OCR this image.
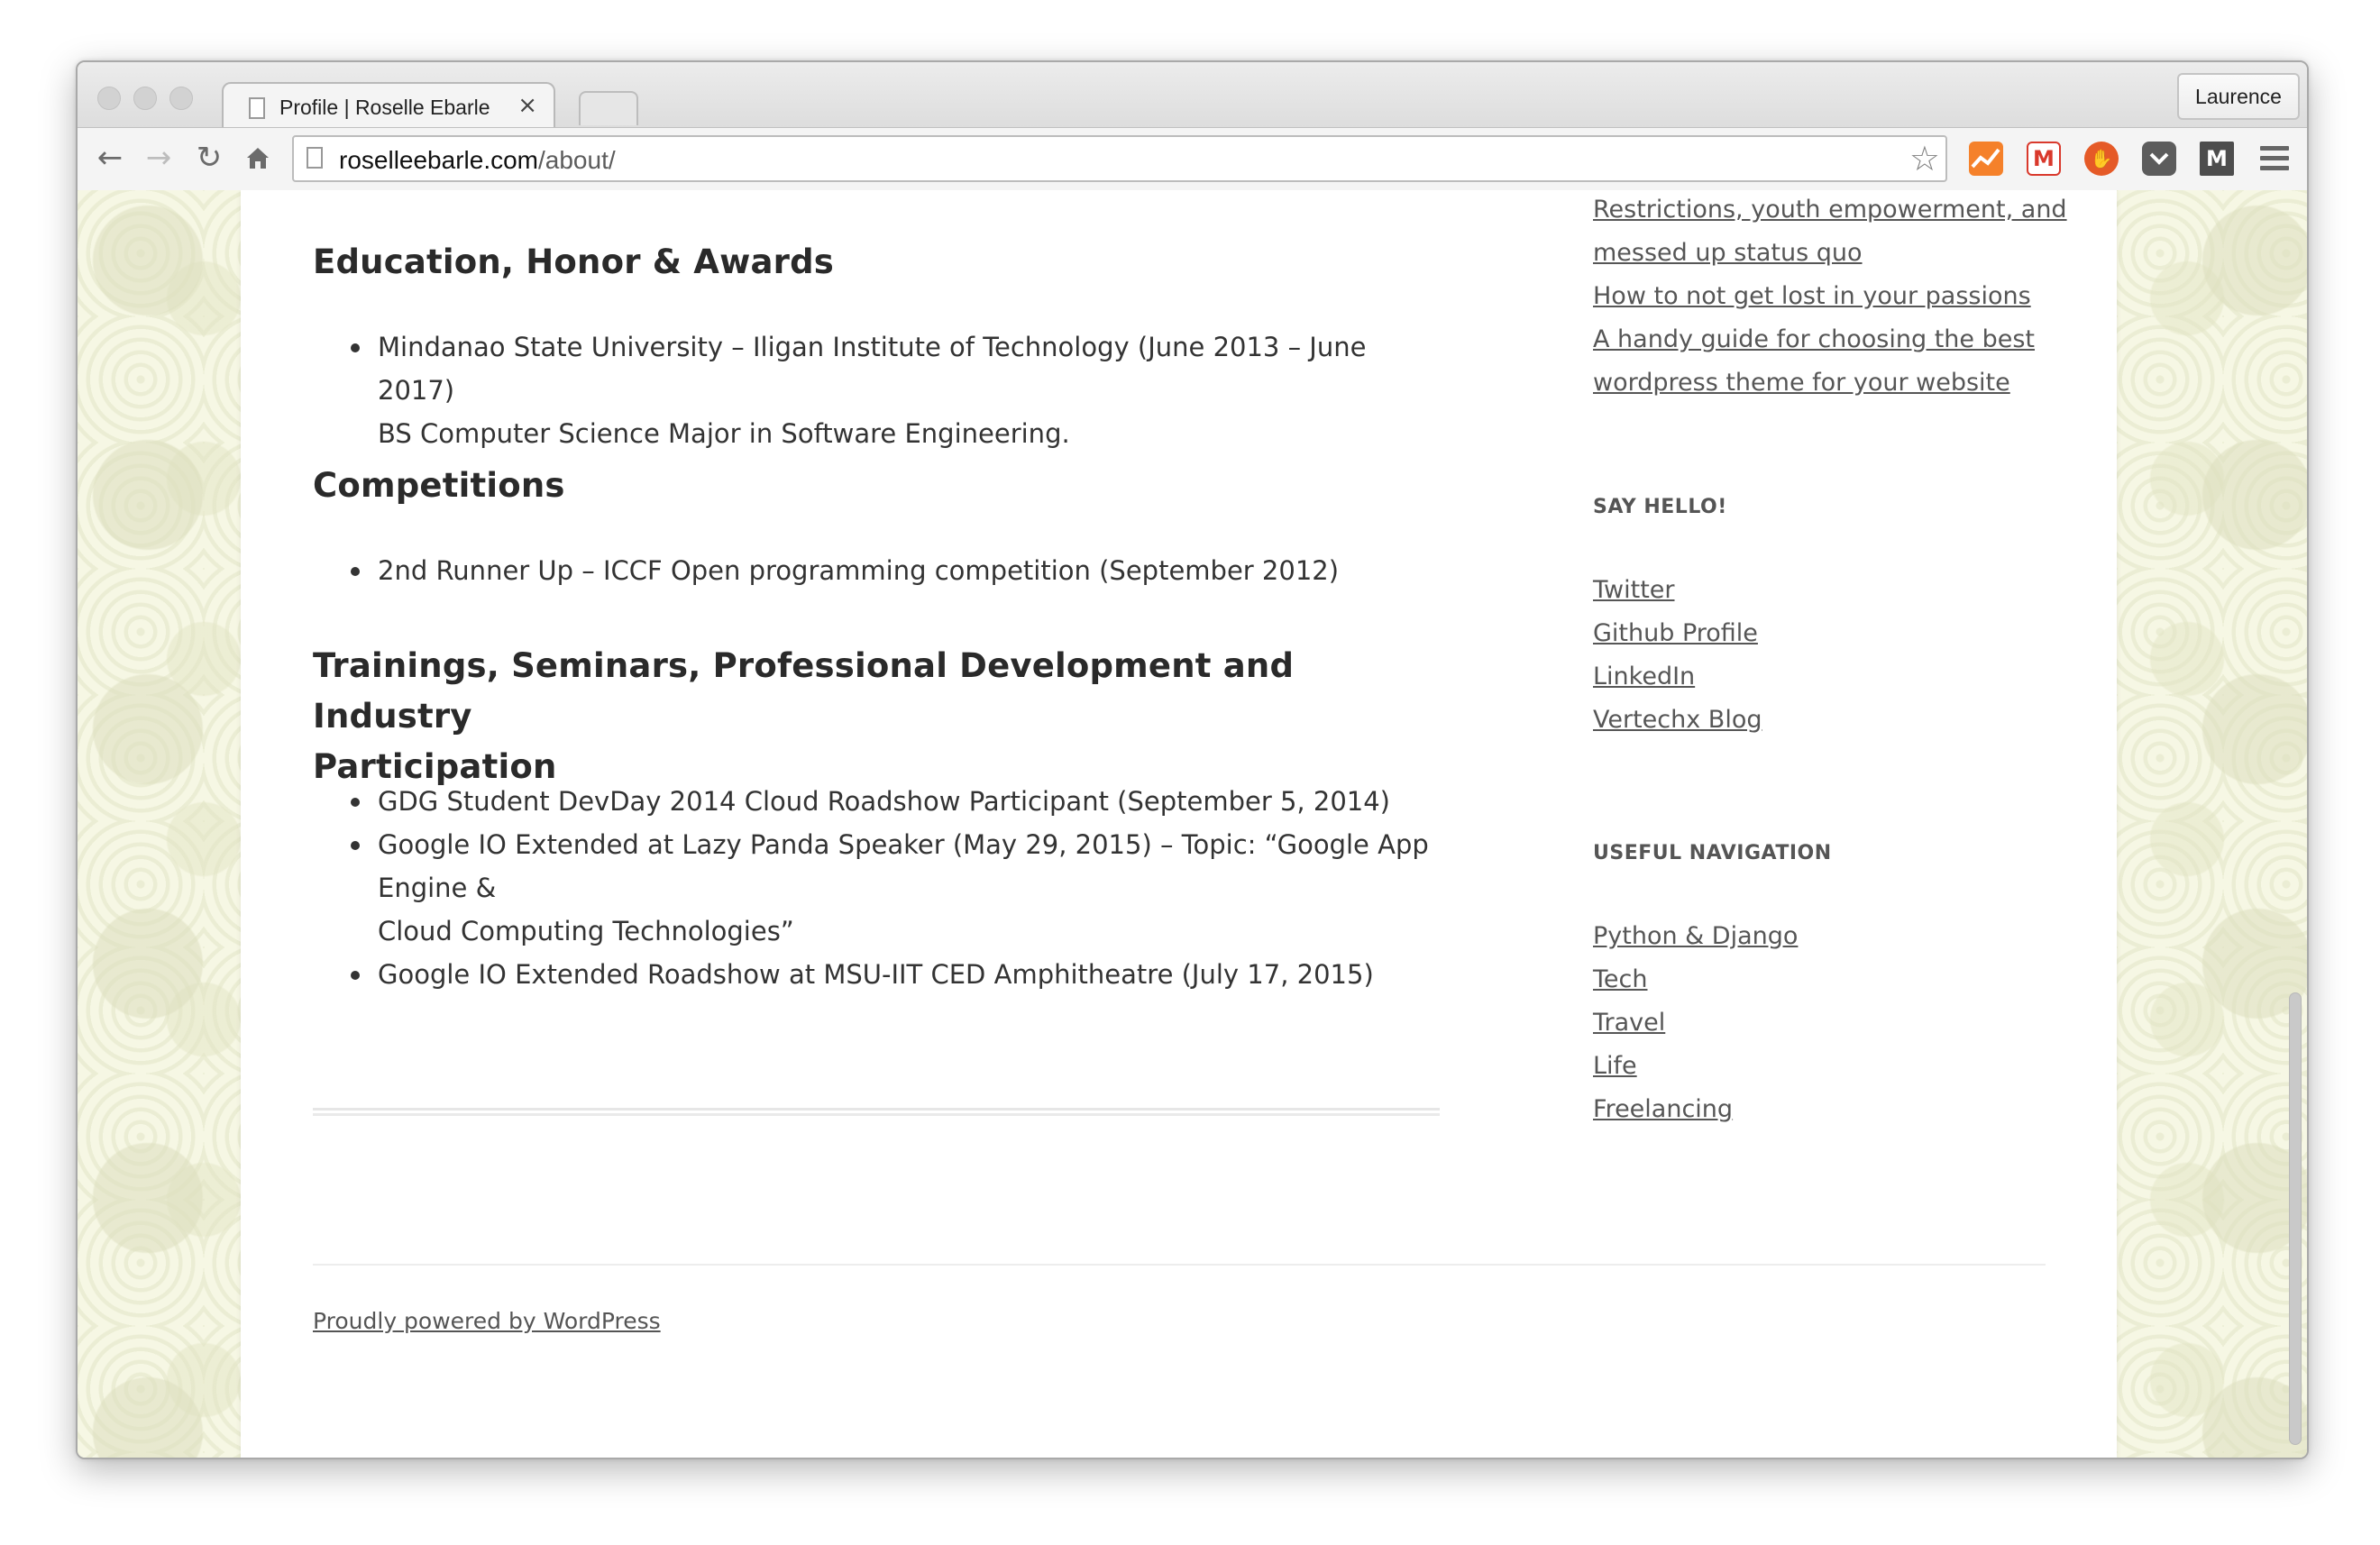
Profile | Roselle Ebarle ×	Laurence
← → ↻	roselleebarle.com/about/	☆	M	✋	M
Education, Honor & Awards
Mindanao State University – Iligan Institute of Technology (June 2013 – June 2017)
BS Computer Science Major in Software Engineering.
Competitions
2nd Runner Up – ICCF Open programming competition (September 2012)
Trainings, Seminars, Professional Development and Industry
Participation
GDG Student DevDay 2014 Cloud Roadshow Participant (September 5, 2014)
Google IO Extended at Lazy Panda Speaker (May 29, 2015) – Topic: “Google App Engine &
Cloud Computing Technologies”
Google IO Extended Roadshow at MSU-IIT CED Amphitheatre (July 17, 2015)
Restrictions, youth empowerment, and
messed up status quo
How to not get lost in your passions
A handy guide for choosing the best
wordpress theme for your website
SAY HELLO!
Twitter
Github Profile
LinkedIn
Vertechx Blog
USEFUL NAVIGATION
Python & Django
Tech
Travel
Life
Freelancing
Proudly powered by WordPress
